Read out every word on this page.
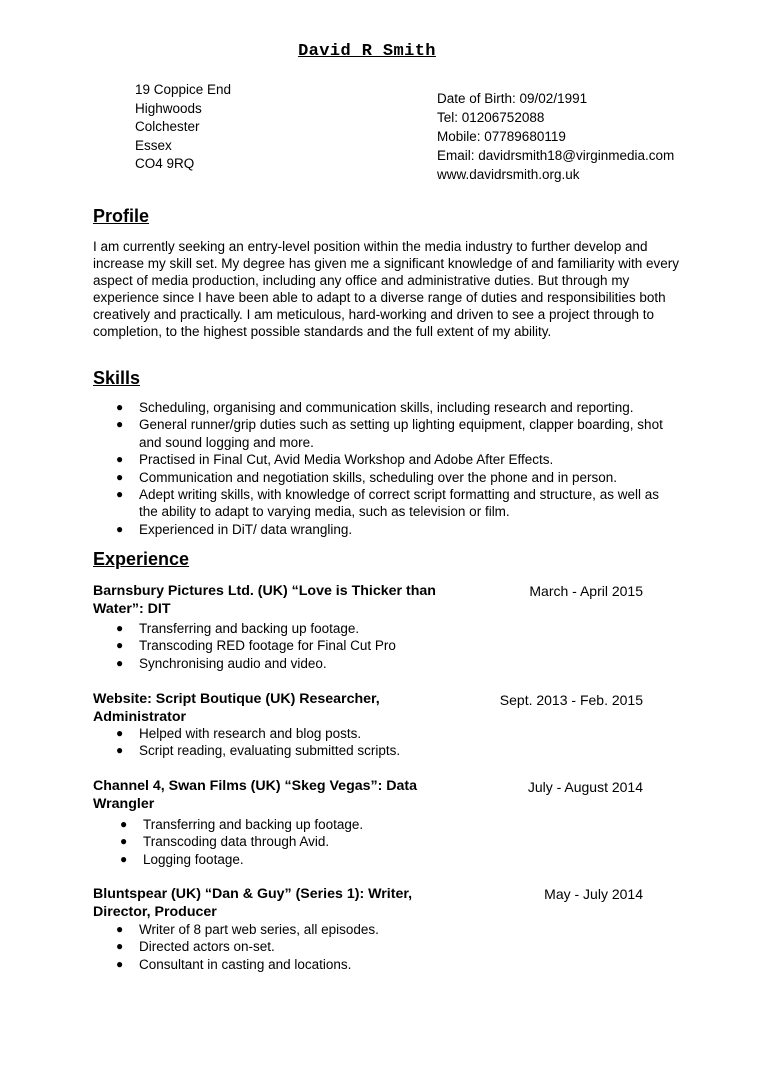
David R Smith
19 Coppice End
Highwoods
Colchester
Essex
CO4 9RQ
Date of Birth: 09/02/1991
Tel: 01206752088
Mobile: 07789680119
Email: davidrsmith18@virginmedia.com
www.davidrsmith.org.uk
Profile

I am currently seeking an entry-level position within the media industry to further develop and increase my skill set. My degree has given me a significant knowledge of and familiarity with every aspect of media production, including any office and administrative duties. But through my experience since I have been able to adapt to a diverse range of duties and responsibilities both creatively and practically. I am meticulous, hard-working and driven to see a project through to completion, to the highest possible standards and the full extent of my ability.

Skills
● Scheduling, organising and communication skills, including research and reporting.
● General runner/grip duties such as setting up lighting equipment, clapper boarding, shot and sound logging and more.
● Practised in Final Cut, Avid Media Workshop and Adobe After Effects.
● Communication and negotiation skills, scheduling over the phone and in person.
● Adept writing skills, with knowledge of correct script formatting and structure, as well as the ability to adapt to varying media, such as television or film.
● Experienced in DiT/ data wrangling.
Experience
Barnsbury Pictures Ltd. (UK) “Love is Thicker than Water”: DIT
March - April 2015
● Transferring and backing up footage.
● Transcoding RED footage for Final Cut Pro
● Synchronising audio and video.
Website: Script Boutique (UK) Researcher, Administrator
Sept. 2013 - Feb. 2015
● Helped with research and blog posts.
● Script reading, evaluating submitted scripts.
Channel 4, Swan Films (UK) “Skeg Vegas”: Data Wrangler
July - August 2014
● Transferring and backing up footage.
● Transcoding data through Avid.
● Logging footage.
Bluntspear (UK) “Dan & Guy” (Series 1): Writer, Director, Producer
May - July 2014
● Writer of 8 part web series, all episodes.
● Directed actors on-set.
● Consultant in casting and locations.
